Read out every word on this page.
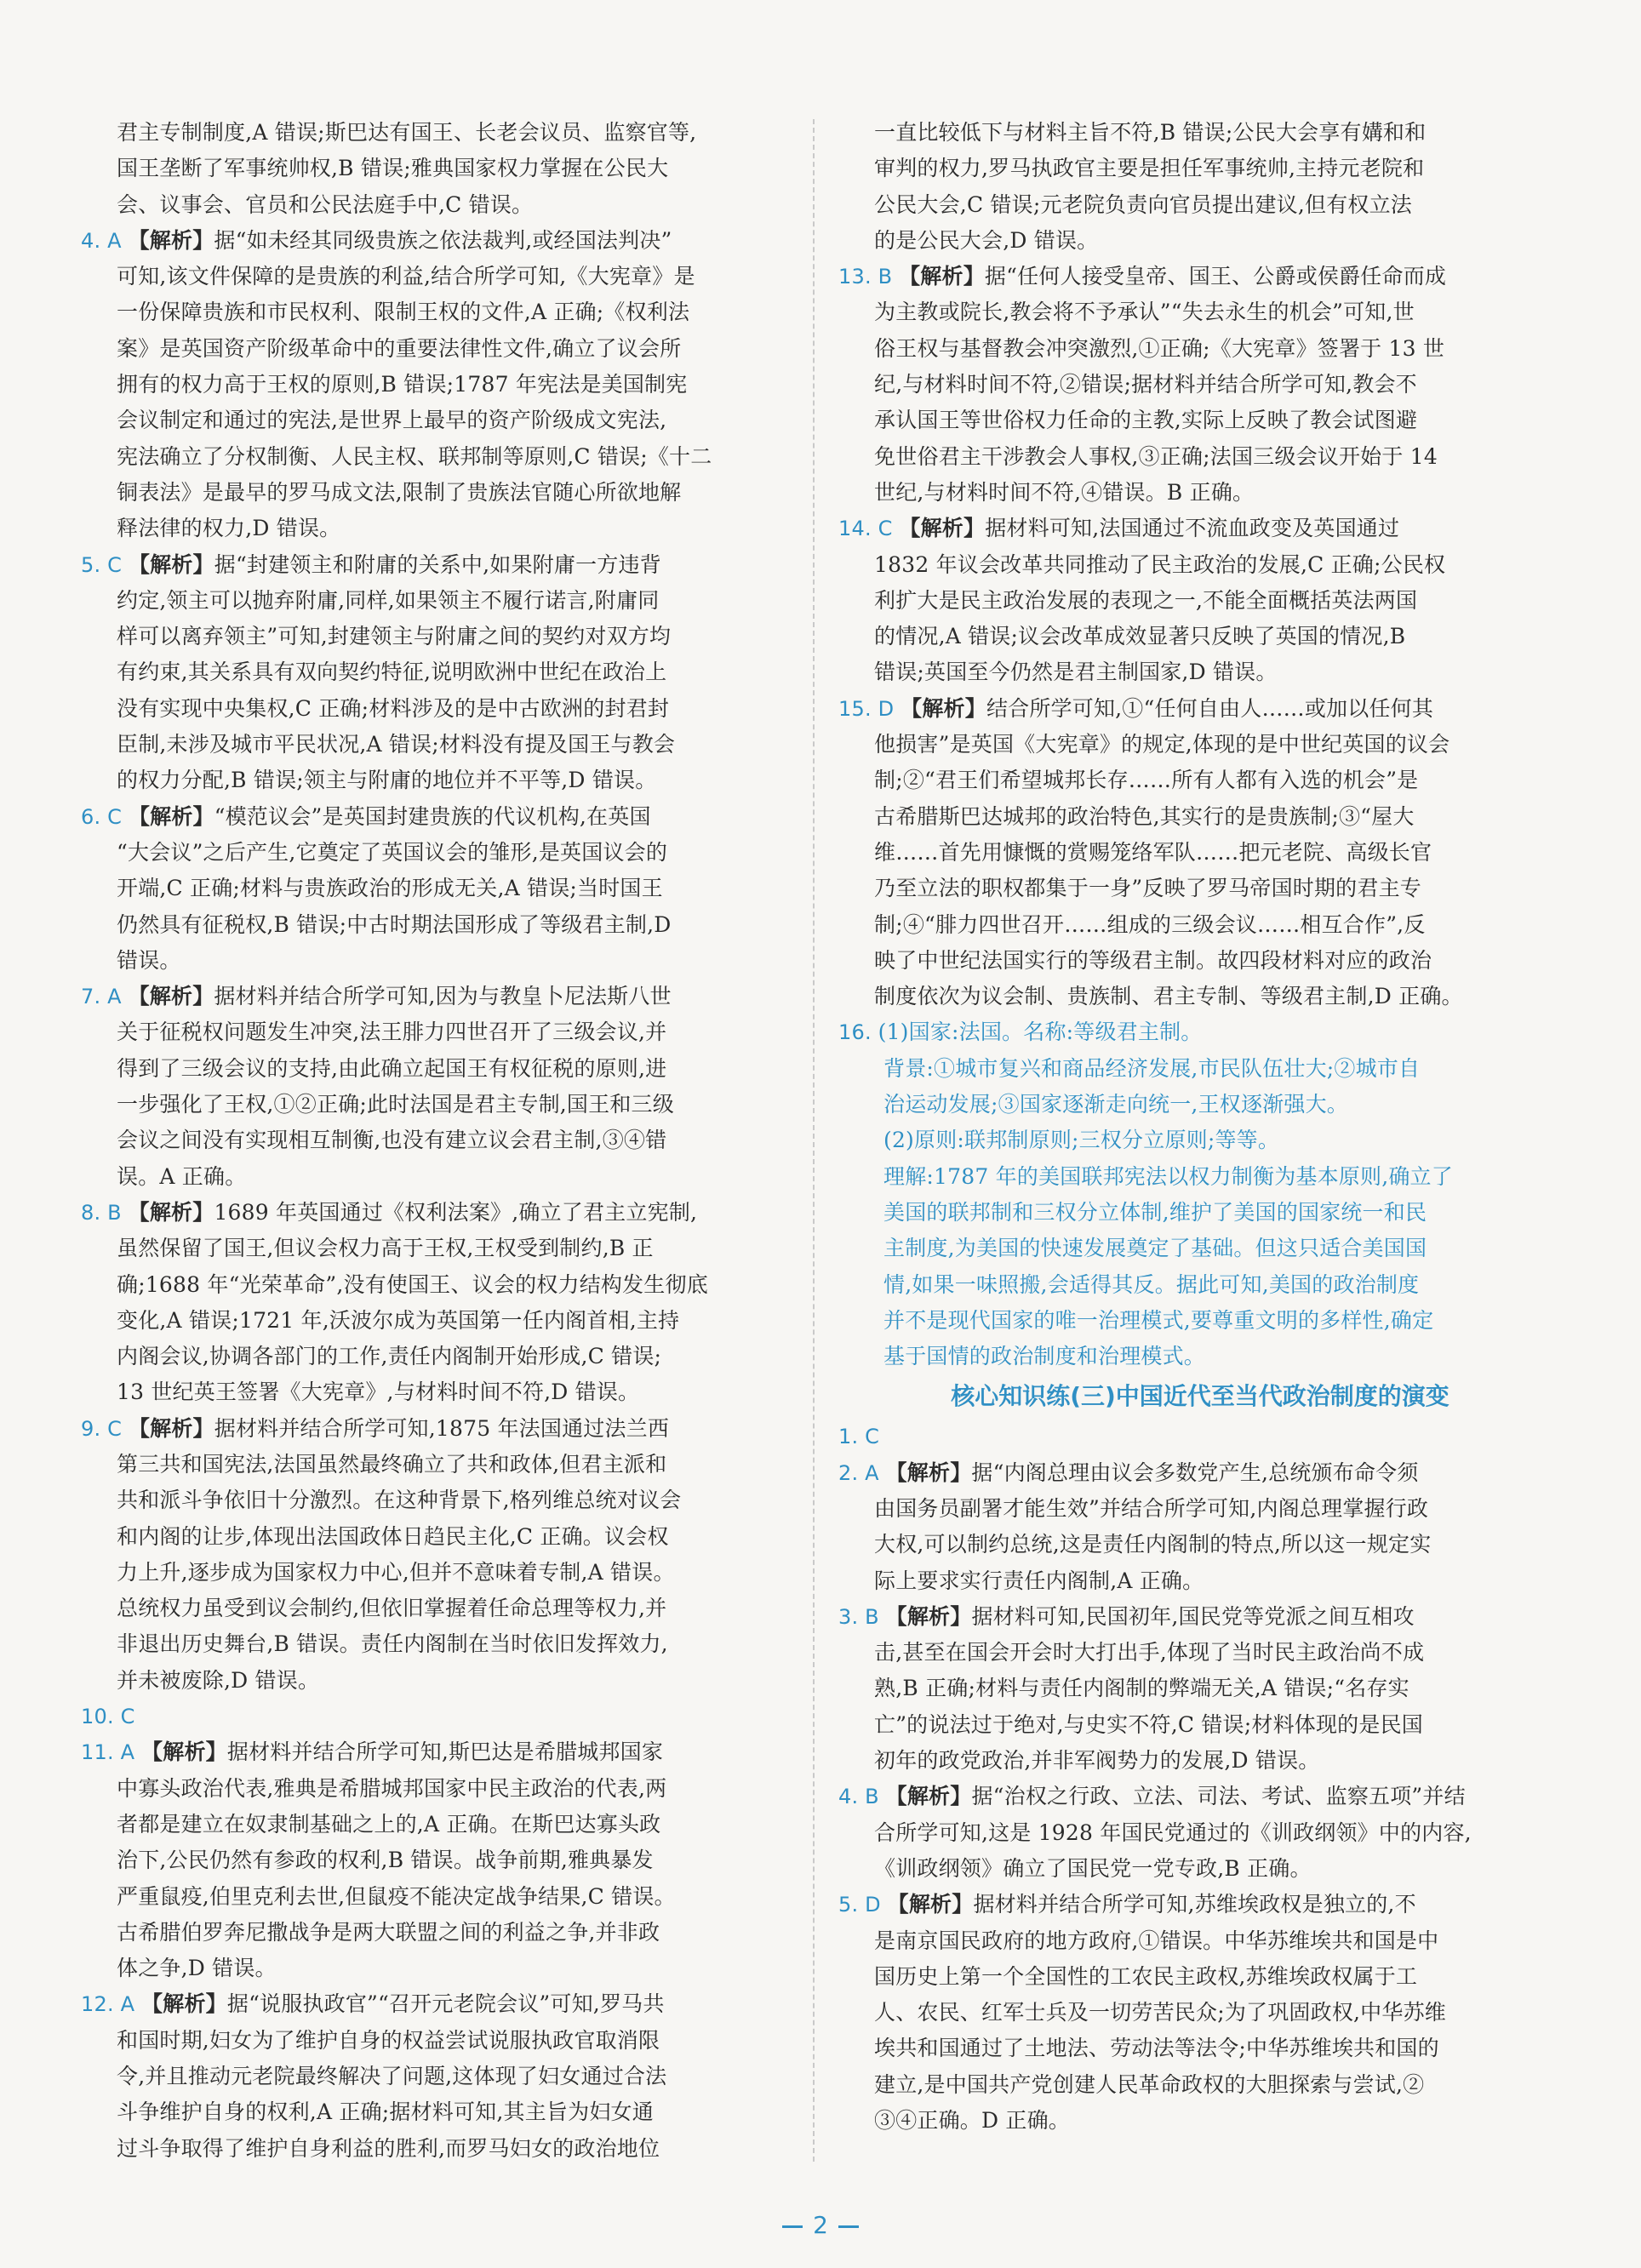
君主专制制度,A 错误;斯巴达有国王、长老会议员、监察官等,
国王垄断了军事统帅权,B 错误;雅典国家权力掌握在公民大
会、议事会、官员和公民法庭手中,C 错误。
4. A 【解析】据“如未经其同级贵族之依法裁判,或经国法判决”
可知,该文件保障的是贵族的利益,结合所学可知,《大宪章》是
一份保障贵族和市民权利、限制王权的文件,A 正确;《权利法
案》是英国资产阶级革命中的重要法律性文件,确立了议会所
拥有的权力高于王权的原则,B 错误;1787 年宪法是美国制宪
会议制定和通过的宪法,是世界上最早的资产阶级成文宪法,
宪法确立了分权制衡、人民主权、联邦制等原则,C 错误;《十二
铜表法》是最早的罗马成文法,限制了贵族法官随心所欲地解
释法律的权力,D 错误。
5. C 【解析】据“封建领主和附庸的关系中,如果附庸一方违背
约定,领主可以抛弃附庸,同样,如果领主不履行诺言,附庸同
样可以离弃领主”可知,封建领主与附庸之间的契约对双方均
有约束,其关系具有双向契约特征,说明欧洲中世纪在政治上
没有实现中央集权,C 正确;材料涉及的是中古欧洲的封君封
臣制,未涉及城市平民状况,A 错误;材料没有提及国王与教会
的权力分配,B 错误;领主与附庸的地位并不平等,D 错误。
6. C 【解析】“模范议会”是英国封建贵族的代议机构,在英国
“大会议”之后产生,它奠定了英国议会的雏形,是英国议会的
开端,C 正确;材料与贵族政治的形成无关,A 错误;当时国王
仍然具有征税权,B 错误;中古时期法国形成了等级君主制,D
错误。
7. A 【解析】据材料并结合所学可知,因为与教皇卜尼法斯八世
关于征税权问题发生冲突,法王腓力四世召开了三级会议,并
得到了三级会议的支持,由此确立起国王有权征税的原则,进
一步强化了王权,①②正确;此时法国是君主专制,国王和三级
会议之间没有实现相互制衡,也没有建立议会君主制,③④错
误。A 正确。
8. B 【解析】1689 年英国通过《权利法案》,确立了君主立宪制,
虽然保留了国王,但议会权力高于王权,王权受到制约,B 正
确;1688 年“光荣革命”,没有使国王、议会的权力结构发生彻底
变化,A 错误;1721 年,沃波尔成为英国第一任内阁首相,主持
内阁会议,协调各部门的工作,责任内阁制开始形成,C 错误;
13 世纪英王签署《大宪章》,与材料时间不符,D 错误。
9. C 【解析】据材料并结合所学可知,1875 年法国通过法兰西
第三共和国宪法,法国虽然最终确立了共和政体,但君主派和
共和派斗争依旧十分激烈。在这种背景下,格列维总统对议会
和内阁的让步,体现出法国政体日趋民主化,C 正确。议会权
力上升,逐步成为国家权力中心,但并不意味着专制,A 错误。
总统权力虽受到议会制约,但依旧掌握着任命总理等权力,并
非退出历史舞台,B 错误。责任内阁制在当时依旧发挥效力,
并未被废除,D 错误。
10. C
11. A 【解析】据材料并结合所学可知,斯巴达是希腊城邦国家
中寡头政治代表,雅典是希腊城邦国家中民主政治的代表,两
者都是建立在奴隶制基础之上的,A 正确。在斯巴达寡头政
治下,公民仍然有参政的权利,B 错误。战争前期,雅典暴发
严重鼠疫,伯里克利去世,但鼠疫不能决定战争结果,C 错误。
古希腊伯罗奔尼撒战争是两大联盟之间的利益之争,并非政
体之争,D 错误。
12. A 【解析】据“说服执政官”“召开元老院会议”可知,罗马共
和国时期,妇女为了维护自身的权益尝试说服执政官取消限
令,并且推动元老院最终解决了问题,这体现了妇女通过合法
斗争维护自身的权利,A 正确;据材料可知,其主旨为妇女通
过斗争取得了维护自身利益的胜利,而罗马妇女的政治地位
一直比较低下与材料主旨不符,B 错误;公民大会享有媾和和
审判的权力,罗马执政官主要是担任军事统帅,主持元老院和
公民大会,C 错误;元老院负责向官员提出建议,但有权立法
的是公民大会,D 错误。
13. B 【解析】据“任何人接受皇帝、国王、公爵或侯爵任命而成
为主教或院长,教会将不予承认”“失去永生的机会”可知,世
俗王权与基督教会冲突激烈,①正确;《大宪章》签署于 13 世
纪,与材料时间不符,②错误;据材料并结合所学可知,教会不
承认国王等世俗权力任命的主教,实际上反映了教会试图避
免世俗君主干涉教会人事权,③正确;法国三级会议开始于 14
世纪,与材料时间不符,④错误。B 正确。
14. C 【解析】据材料可知,法国通过不流血政变及英国通过
1832 年议会改革共同推动了民主政治的发展,C 正确;公民权
利扩大是民主政治发展的表现之一,不能全面概括英法两国
的情况,A 错误;议会改革成效显著只反映了英国的情况,B
错误;英国至今仍然是君主制国家,D 错误。
15. D 【解析】结合所学可知,①“任何自由人……或加以任何其
他损害”是英国《大宪章》的规定,体现的是中世纪英国的议会
制;②“君王们希望城邦长存……所有人都有入选的机会”是
古希腊斯巴达城邦的政治特色,其实行的是贵族制;③“屋大
维……首先用慷慨的赏赐笼络军队……把元老院、高级长官
乃至立法的职权都集于一身”反映了罗马帝国时期的君主专
制;④“腓力四世召开……组成的三级会议……相互合作”,反
映了中世纪法国实行的等级君主制。故四段材料对应的政治
制度依次为议会制、贵族制、君主专制、等级君主制,D 正确。
16. (1)国家:法国。名称:等级君主制。
背景:①城市复兴和商品经济发展,市民队伍壮大;②城市自
治运动发展;③国家逐渐走向统一,王权逐渐强大。
(2)原则:联邦制原则;三权分立原则;等等。
理解:1787 年的美国联邦宪法以权力制衡为基本原则,确立了
美国的联邦制和三权分立体制,维护了美国的国家统一和民
主制度,为美国的快速发展奠定了基础。但这只适合美国国
情,如果一味照搬,会适得其反。据此可知,美国的政治制度
并不是现代国家的唯一治理模式,要尊重文明的多样性,确定
基于国情的政治制度和治理模式。
核心知识练(三)中国近代至当代政治制度的演变
1. C
2. A 【解析】据“内阁总理由议会多数党产生,总统颁布命令须
由国务员副署才能生效”并结合所学可知,内阁总理掌握行政
大权,可以制约总统,这是责任内阁制的特点,所以这一规定实
际上要求实行责任内阁制,A 正确。
3. B 【解析】据材料可知,民国初年,国民党等党派之间互相攻
击,甚至在国会开会时大打出手,体现了当时民主政治尚不成
熟,B 正确;材料与责任内阁制的弊端无关,A 错误;“名存实
亡”的说法过于绝对,与史实不符,C 错误;材料体现的是民国
初年的政党政治,并非军阀势力的发展,D 错误。
4. B 【解析】据“治权之行政、立法、司法、考试、监察五项”并结
合所学可知,这是 1928 年国民党通过的《训政纲领》中的内容,
《训政纲领》确立了国民党一党专政,B 正确。
5. D 【解析】据材料并结合所学可知,苏维埃政权是独立的,不
是南京国民政府的地方政府,①错误。中华苏维埃共和国是中
国历史上第一个全国性的工农民主政权,苏维埃政权属于工
人、农民、红军士兵及一切劳苦民众;为了巩固政权,中华苏维
埃共和国通过了土地法、劳动法等法令;中华苏维埃共和国的
建立,是中国共产党创建人民革命政权的大胆探索与尝试,②
③④正确。D 正确。
2
